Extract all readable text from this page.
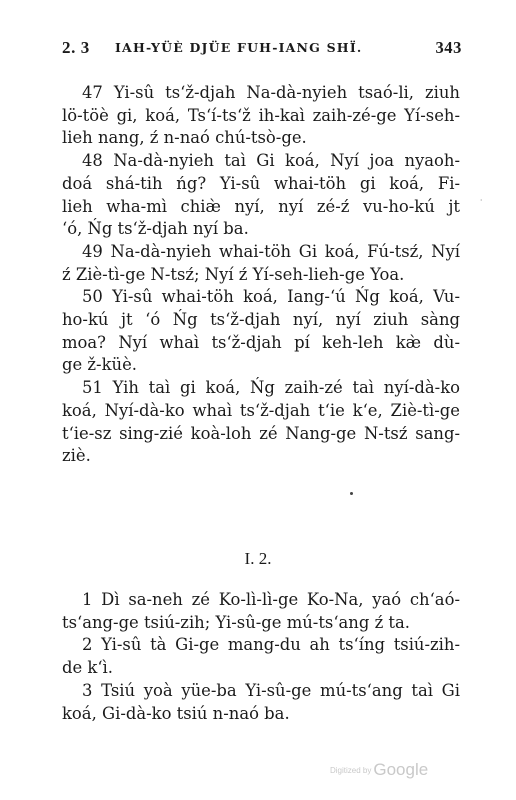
2. 3 IAH-YÜÈ DJÜE FUH-IANG SHÏ.	343

47 Yi-sû ts‘ž-djah Na-dà-nyieh tsaó-li, ziuh
lö-töè gi, koá, Ts‘í-ts‘ž ih-kaì zaih-zé-ge Yí-seh-
lieh nang, ź n-naó chú-tsò-ge.

48 Na-dà-nyieh taì Gi koá, Nyí joa nyaoh-
doá shá-tih ńg? Yi-sû whai-töh gi koá, Fi-
lieh wha-mì chiæ̀ nyí, nyí zé-ź vu-ho-kú jt
‘ó, Ńg ts‘ž-djah nyí ba.

49 Na-dà-nyieh whai-töh Gi koá, Fú-tsź, Nyí
ź Ziè-tì-ge N-tsź; Nyí ź Yí-seh-lieh-ge Yoa.

50 Yi-sû whai-töh koá, Iang-‘ú Ńg koá, Vu-
ho-kú jt ‘ó Ńg ts‘ž-djah nyí, nyí ziuh sàng
moa? Nyí whaì ts‘ž-djah pí keh-leh kæ̀ dù-
ge ž-küè.

51 Yih taì gi koá, Ńg zaih-zé taì nyí-dà-ko
koá, Nyí-dà-ko whaì ts‘ž-djah t‘ie k‘e, Ziè-tì-ge
t‘ie-sz sing-zié koà-loh zé Nang-ge N-tsź sang-
ziè.

I. 2.

1 Dì sa-neh zé Ko-lì-lì-ge Ko-Na, yaó ch‘aó-
ts‘ang-ge tsiú-zih; Yi-sû-ge mú-ts‘ang ź ta.

2 Yi-sû tà Gi-ge mang-du ah ts‘íng tsiú-zih-
de k‘ì.

3 Tsiú yoà yüe-ba Yi-sû-ge mú-ts‘ang taì Gi
koá, Gi-dà-ko tsiú n-naó ba.

⸱
Digitized by Google
